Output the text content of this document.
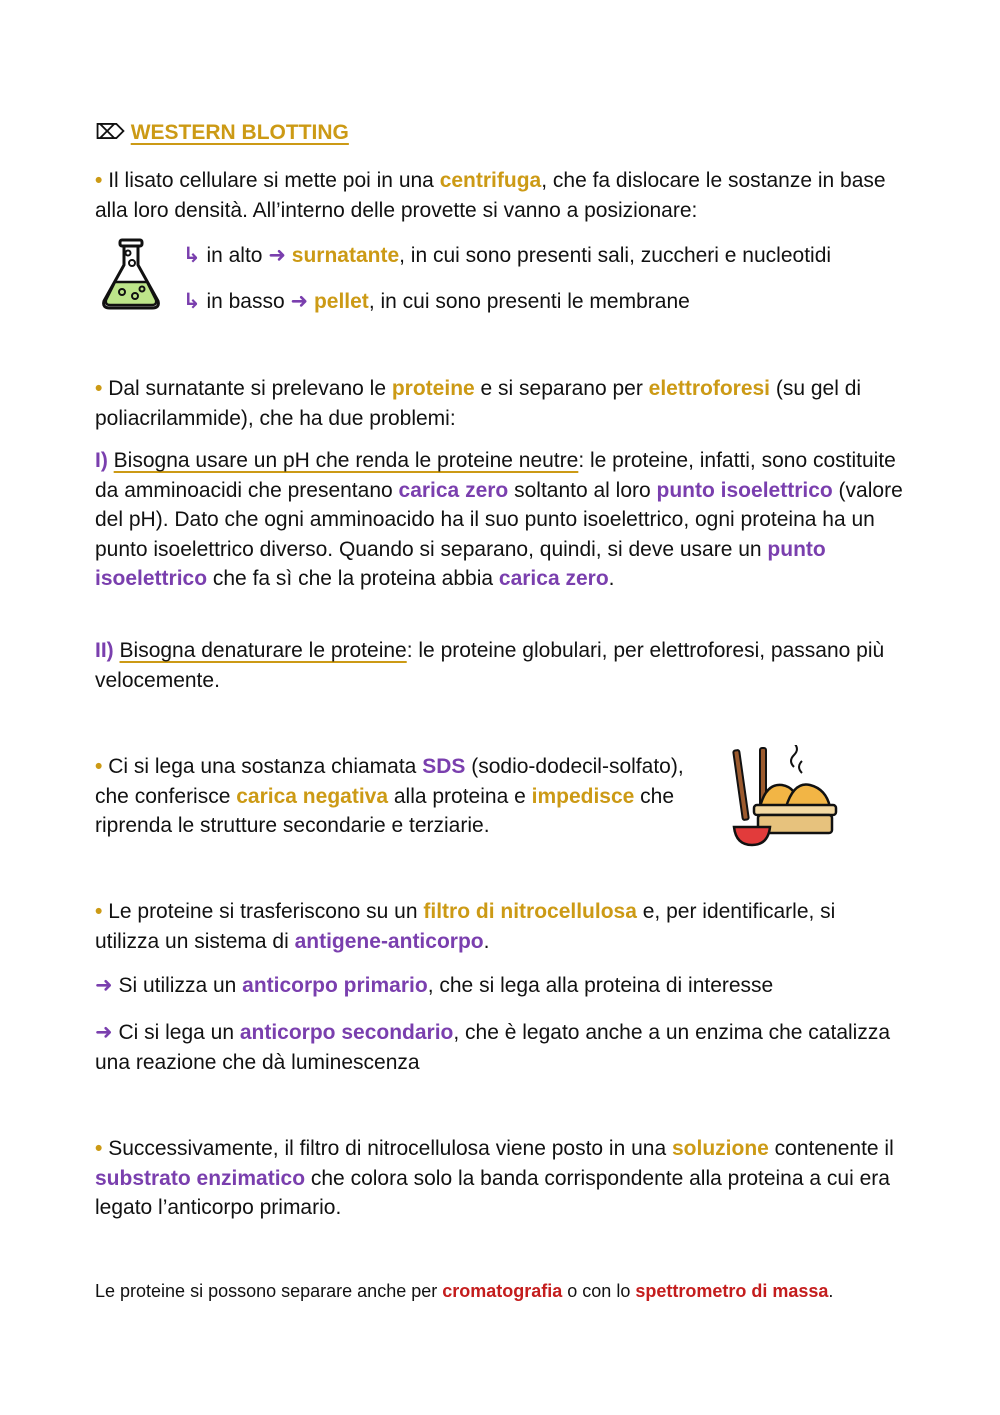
⌦ WESTERN BLOTTING

• Il lisato cellulare si mette poi in una centrifuga, che fa dislocare le sostanze in base alla loro densità. All’interno delle provette si vanno a posizionare:

↳ in alto ➜ surnatante, in cui sono presenti sali, zuccheri e nucleotidi

↳ in basso ➜ pellet, in cui sono presenti le membrane

• Dal surnatante si prelevano le proteine e si separano per elettroforesi (su gel di poliacrilammide), che ha due problemi:

I) Bisogna usare un pH che renda le proteine neutre: le proteine, infatti, sono costituite da amminoacidi che presentano carica zero soltanto al loro punto isoelettrico (valore del pH). Dato che ogni amminoacido ha il suo punto isoelettrico, ogni proteina ha un punto isoelettrico diverso. Quando si separano, quindi, si deve usare un punto isoelettrico che fa sì che la proteina abbia carica zero.

II) Bisogna denaturare le proteine: le proteine globulari, per elettroforesi, passano più velocemente.

• Ci si lega una sostanza chiamata SDS (sodio-dodecil-solfato), che conferisce carica negativa alla proteina e impedisce che riprenda le strutture secondarie e terziarie.

• Le proteine si trasferiscono su un filtro di nitrocellulosa e, per identificarle, si utilizza un sistema di antigene-anticorpo.

➜ Si utilizza un anticorpo primario, che si lega alla proteina di interesse

➜ Ci si lega un anticorpo secondario, che è legato anche a un enzima che catalizza una reazione che dà luminescenza

• Successivamente, il filtro di nitrocellulosa viene posto in una soluzione contenente il substrato enzimatico che colora solo la banda corrispondente alla proteina a cui era legato l’anticorpo primario.

Le proteine si possono separare anche per cromatografia o con lo spettrometro di massa.
